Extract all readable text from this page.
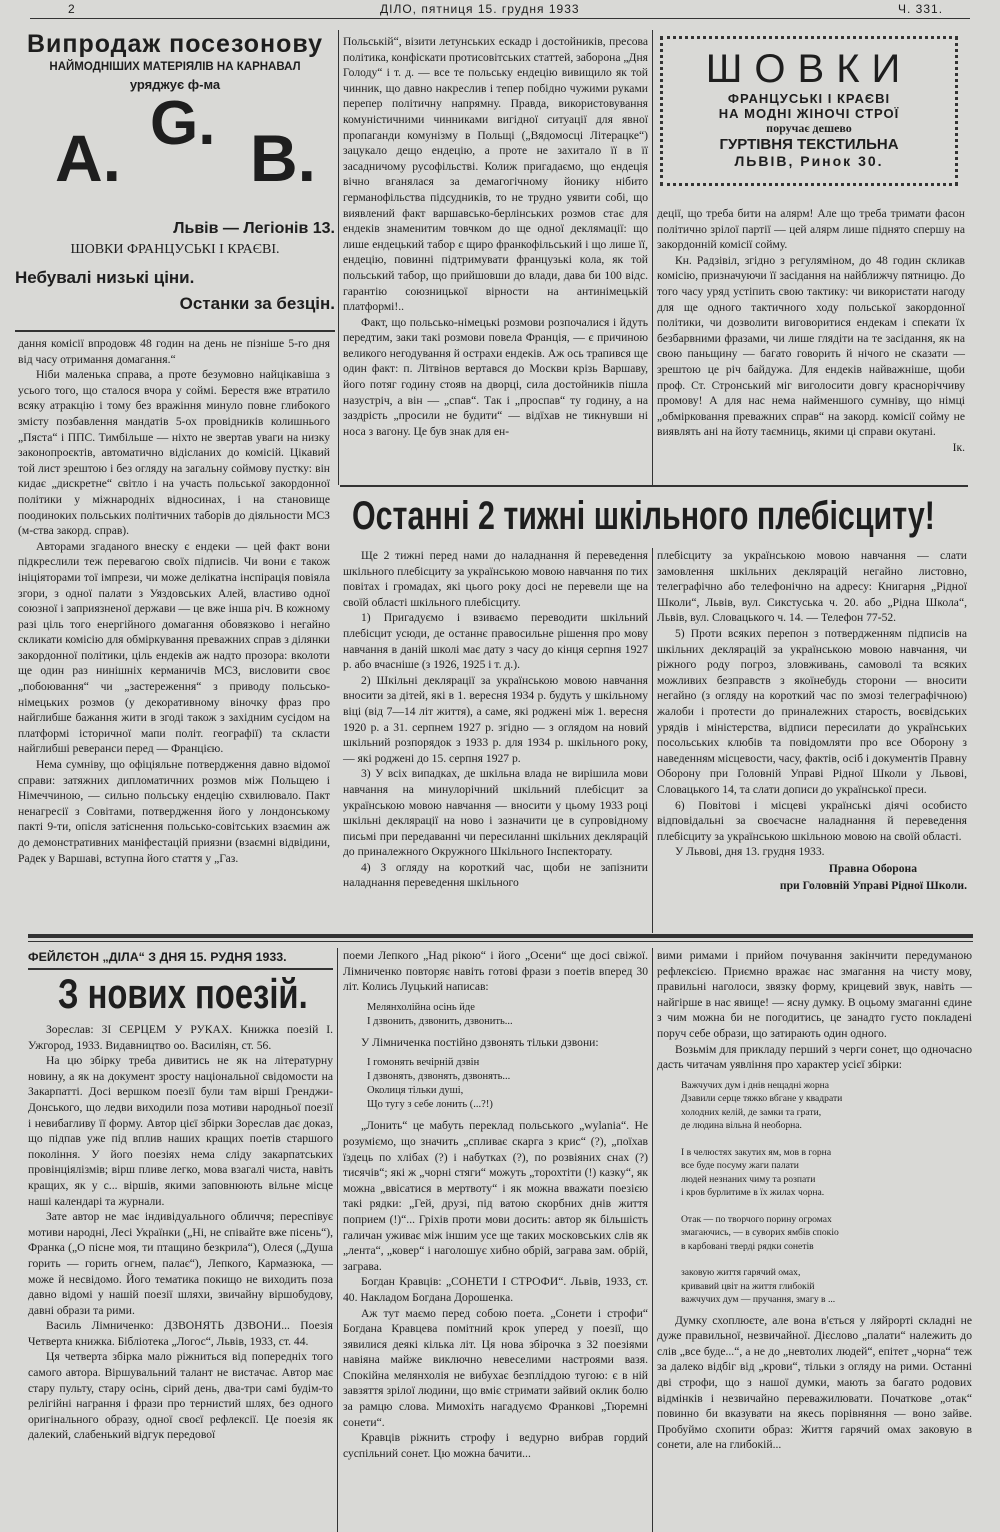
2	ДІЛО, пятниця 15. грудня 1933	Ч. 331.
Випродаж посезонову
НАЙМОДНІШИХ МАТЕРІЯЛІВ НА КАРНАВАЛ
уряджує ф-ма
A. G. B.
Львів — Легіонів 13.
ШОВКИ ФРАНЦУСЬКІ І КРАЄВІ.
Небувалі низькі ціни.
Останки за безцін.

дання комісії впродовж 48 годин на день не пізніше 5-го дня від часу отримання домагання.“

Ніби маленька справа, а проте безумовно найцікавіша з усього того, що сталося вчора у соймі. Берестя вже втратило всяку атракцію і тому без вражіння минуло повне глибокого змісту позбавлення мандатів 5-ох провідників колишнього „Пяста“ і ППС. Тимбільше — ніхто не звертав уваги на низку законопроєктів, автоматично відісланих до комісій. Цікавий той лист зрештою і без огляду на загальну соймову пустку: він кидає „дискретне“ світло і на участь польської закордонної політики у міжнародніх відносинах, і на становище поодиноких польських політичних таборів до діяльности МСЗ (м-ства закорд. справ).

Авторами згаданого внеску є ендеки — цей факт вони підкреслили теж перевагою своїх підписів. Чи вони є також ініціяторами тої імпрези, чи може делікатна інспірація повіяла згори, з одної палати з Уяздовських Алей, властиво одної союзної і заприязненої держави — це вже інша річ. В кожному разі ціль того енергійного домагання обовязково і негайно скликати комісію для обміркування преважних справ з ділянки закордонної політики, ціль ендеків аж надто прозора: вколоти ще один раз нинішніх керманичів МСЗ, висловити своє „побоювання“ чи „застереження“ з приводу польсько-німецьких розмов (у декоративному віночку фраз про найглибше бажання жити в згоді також з західним сусідом на платформі історичної мапи політ. географії) та скласти найглибші реверанси перед — Францією.

Нема сумніву, що офіціяльне потвердження давно відомої справи: затяжних дипломатичних розмов між Польщею і Німеччиною, — сильно польську ендецію схвилювало. Пакт ненагресії з Совітами, потвердження його у лондонському пакті 9-ти, опісля затіснення польсько-совітських взаємин аж до демонстративних маніфестацій приязни (взаємні відвідини, Радек у Варшаві, вступна його стаття у „Газ.

Польській“, візити летунських ескадр і достойників, пресова політика, конфіскати протисовітських статтей, заборона „Дня Голоду“ і т. д. — все те польську ендецію вивищило як той чинник, що давно накреслив і тепер побідно чужими руками перепер політичну напрямну. Правда, використовування комуністичними чинниками вигідної ситуації для явної пропаганди комунізму в Польщі („Вядомосці Літерацке“) зацукало дещо ендецію, а проте не захитало її в її засадничому русофільстві. Колиж пригадаємо, що ендеція вічно вганялася за демагогічному йонику нібито германофільства підсудників, то не трудно уявити собі, що виявлений факт варшавсько-берлінських розмов стає для ендеків знаменитим товчком до ще одної деклямації: що лише ендецький табор є щиро франкофільський і що лише її, ендецію, повинні підтримувати французькі кола, як той польський табор, що прийшовши до влади, дава би 100 відс. гарантію союзницької вірности на антинімецькій платформі!..

Факт, що польсько-німецькі розмови розпочалися і йдуть передтим, заки такі розмови повела Франція, — є причиною великого негодування й острахи ендеків. Аж ось трапився ще один факт: п. Літвінов вертався до Москви крізь Варшаву, його потяг годину стояв на дворці, сила достойників пішла назустріч, а він — „спав“. Так і „проспав“ ту годину, а на заздрість „просили не будити“ — відїхав не тикнувши ні носа з вагону. Це був знак для ен-

ШОВКИ
ФРАНЦУСЬКІ І КРАЄВІ
НА МОДНІ ЖІНОЧІ СТРОЇ
поручає дешево
ГУРТІВНЯ ТЕКСТИЛЬНА
ЛЬВІВ, Ринок 30.

деції, що треба бити на алярм! Але що треба тримати фасон політично зрілої партії — цей алярм лише піднято спершу на закордонній комісії сойму.

Кн. Радзівіл, згідно з регуляміном, до 48 годин скликав комісію, призначуючи її засідання на найближчу пятницю. До того часу уряд устіпить свою тактику: чи використати нагоду для ще одного тактичного ходу польської закордонної політики, чи дозволити виговоритися ендекам і спекати їх безбарвними фразами, чи лише глядіти на те засідання, як на свою паньщину — багато говорить й нічого не сказати — зрештою це річ байдужа. Для ендеків найважніше, щоби проф. Ст. Стронський міг виголосити довгу красноріччиву промову! А для нас нема найменшого сумніву, що німці „обмірковання преважних справ“ на закорд. комісії сойму не виявлять ані на йоту таємниць, якими ці справи окутані.

Ік.
Останні 2 тижні шкільного плебісциту!

Ще 2 тижні перед нами до наладнання й переведення шкільного плебісциту за українською мовою навчання по тих повітах і громадах, які цього року досі не перевели ще на своїй області шкільного плебісциту.

1) Пригадуємо і взиваємо переводити шкільний плебісцит усюди, де останнє правосильне рішення про мову навчання в даній школі має дату з часу до кінця серпня 1927 р. або вчасніше (з 1926, 1925 і т. д.).

2) Шкільні деклярації за українською мовою навчання вносити за дітей, які в 1. вересня 1934 р. будуть у шкільному віці (від 7—14 літ життя), а саме, які роджені між 1. вересня 1920 р. а 31. серпнем 1927 р. згідно — з оглядом на новий шкільний розпорядок з 1933 р. для 1934 р. шкільного року, — які роджені до 15. серпня 1927 р.

3) У всіх випадках, де шкільна влада не вирішила мови навчання на минулорічний шкільний плебісцит за українською мовою навчання — вносити у цьому 1933 році шкільні деклярації на ново і зазначити це в супровідному письмі при передаванні чи пересиланні шкільних деклярацій до приналежного Окружного Шкільного Інспекторату.

4) З огляду на короткий час, щоби не запізнити наладнання переведення шкільного

плебісциту за українською мовою навчання — слати замовлення шкільних деклярацій негайно листовно, телеграфічно або телефонічно на адресу: Книгарня „Рідної Школи“, Львів, вул. Сикстуська ч. 20. або „Рідна Школа“, Львів, вул. Словацького ч. 14. — Телефон 77-52.

5) Проти всяких перепон з потвердженням підписів на шкільних деклярацій за українською мовою навчання, чи ріжного роду погроз, зловживань, самоволі та всяких можливих безправств з якоїнебудь сторони — вносити негайно (з огляду на короткий час по змозі телеграфічною) жалоби і протести до приналежних старость, воєвідських урядів і міністерства, відписи пересилати до українських посольських клюбів та повідомляти про все Оборону з наведенням місцевости, часу, фактів, осіб і документів Правну Оборону при Головній Управі Рідної Школи у Львові, Словацького 14, та слати дописи до української преси.

6) Повітові і місцеві українські діячі особисто відповідальні за своєчасне наладнання й переведення плебісциту за українською шкільною мовою на своїй області.

У Львові, дня 13. грудня 1933.

Правна Оборона
при Головній Управі Рідної Школи.
ФЕЙЛЄТОН „ДІЛА“ З ДНЯ 15. РУДНЯ 1933.
З нових поезій.

Зореслав: ЗІ СЕРЦЕМ У РУКАХ. Книжка поезій І. Ужгород, 1933. Видавництво оо. Василіян, ст. 56.

На цю збірку треба дивитись не як на літературну новину, а як на документ зросту національної свідомости на Закарпатті. Досі вершком поезії були там вірші Гренджи-Донського, що ледви виходили поза мотиви народньої поезії і невибагливу її форму. Автор цієї збірки Зореслав дає доказ, що підпав уже під вплив наших кращих поетів старшого покоління. У його поезіях нема сліду закарпатських провінціялізмів; вірш пливе легко, мова взагалі чиста, навіть кращих, як у с... віршів, якими заповнюють вільне місце наші календарі та журнали.

Зате автор не має індивідуального обличчя; переспівує мотиви народні, Лесі Українки („Ні, не співайте вже пісень“), Франка („О пісне моя, ти птащино безкрила“), Олеся („Душа горить — горить огнем, палає“), Лепкого, Кармазюка, — може й несвідомо. Його тематика покищо не виходить поза давно відомі у нашій поезії шляхи, звичайну віршобудову, давні образи та рими.

Василь Лімниченко: ДЗВОНЯТЬ ДЗВОНИ... Поезія Четверта книжка. Бібліотека „Логос“, Львів, 1933, ст. 44.

Ця четверта збірка мало ріжниться від попередніх того самого автора. Віршувальний талант не вистачає. Автор має стару пульту, стару осінь, сірий день, два-три самі будім-то релігійні награння і фрази про тернистий шлях, без одного оригінального образу, одної своєї рефлексії. Це поезія як далекий, слабенький відгук передової

поеми Лепкого „Над рікою“ і його „Осени“ ще досі свіжої. Лімниченко повторяє навіть готові фрази з поетів вперед 30 літ. Колись Луцький написав:

Мелянхолійна осінь йде
І дзвонить, дзвонить, дзвонить...

У Лімниченка постійно дзвонять тільки дзвони:

І гомонять вечірній дзвін
І дзвонять, дзвонять, дзвонять...
Околиця тільки душі,
Що тугу з себе лонить (...?!)

„Лонить“ це мабуть переклад польського „wylania“. Не розуміємо, що значить „спливає скарга з крис“ (?), „поїхав їздець по хлібах (?) і набутках (?), по розвіяних снах (?) тисячів“; які ж „чорні стяги“ можуть „торохтіти (!) казку“, як можна „ввісатися в мертвоту“ і як можна вважати поезією такі рядки: „Гей, друзі, під ватою скорбних днів життя поприем (!)“... Гріхів проти мови досить: автор як більшість галичан уживає між іншим усе ще таких московських слів як „лента“, „ковер“ і наголошує хибно обрій, заграва зам. обрій, заграва.

Богдан Кравців: „СОНЕТИ І СТРОФИ“. Львів, 1933, ст. 40. Накладом Богдана Дорошенка.

Аж тут маємо перед собою поета. „Сонети і строфи“ Богдана Кравцева помітний крок уперед у поезії, що зявилися деякі кілька літ. Ця нова збірочка з 32 поезіями навіяна майже виключно невеселими настроями вазя. Спокійна мелянхолія не вибухає безпліддою тугою: є в ній завзяття зрілої людини, що вміє стримати зайвий оклик болю за рамцю слова. Мимохіть нагадуємо Франкові „Тюремні сонети“.

Кравців ріжнить строфу і ведурно вибрав гордий суспільний сонет. Цю можна бачити...

вими римами і прийом почування закінчити передуманою рефлексією. Приємно вражає нас змагання на чисту мову, правильні наголоси, звязку форму, крицевий звук, навіть — найгірше в нас явище! — ясну думку. В оцьому змаганні єдине з чим можна би не погодитись, це занадто густо покладені поруч себе образи, що затирають один одного.

Возьмім для прикладу перший з черги сонет, що одночасно дасть читачам уявління про характер усієї збірки:

Важчучих дум і днів нещадні жорна
Дзавили серце тяжко вбгане у квадрати
холодних келій, де замки та грати,
де людина вільна й необорна.

І в челюстях закутих ям, мов в горна
все буде посуму жаги палати
людей незнаних чиму та розпати
і кров бурлитиме в їх жилах чорна.

Отак — по творчого порину огромах
змагаючись, — в суворих ямбів спокіо
в карбовані тверді рядки сонетів

заковую життя гарячий омах,
кривавий цвіт на життя глибокій
важчучих дум — пручання, змагу в ...

Думку схоплюєте, але вона в'ється у ляйрорті складні не дуже правильної, незвичайної. Дієслово „палати“ належить до слів „все буде...“, а не до „невтолих людей“, епітет „чорна“ теж за далеко відбіг від „крови“, тільки з огляду на рими. Останні дві строфи, що з нашої думки, мають за багато родових відмінків і незвичайно переважилювати. Початкове „отак“ повинно би вказувати на якесь порівняння — воно зайве. Пробуймо схопити образ: Життя гарячий омах заковую в сонети, але на глибокій...
